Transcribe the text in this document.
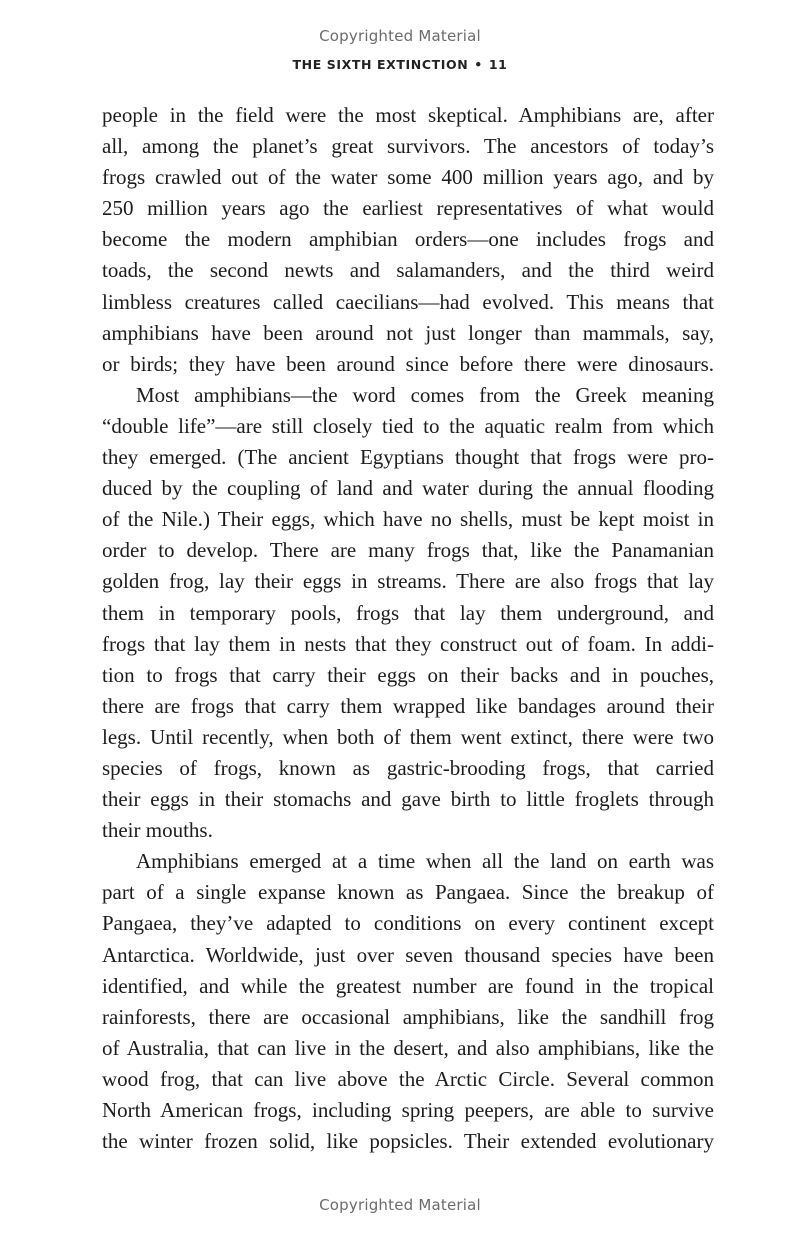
Copyrighted Material
THE SIXTH EXTINCTION • 11
people in the field were the most skeptical. Amphibians are, after
all, among the planet’s great survivors. The ancestors of today’s
frogs crawled out of the water some 400 million years ago, and by
250 million years ago the earliest representatives of what would
become the modern amphibian orders—one includes frogs and
toads, the second newts and salamanders, and the third weird
limbless creatures called caecilians—had evolved. This means that
amphibians have been around not just longer than mammals, say,
or birds; they have been around since before there were dinosaurs.
Most amphibians—the word comes from the Greek meaning
“double life”—are still closely tied to the aquatic realm from which
they emerged. (The ancient Egyptians thought that frogs were pro-
duced by the coupling of land and water during the annual flooding
of the Nile.) Their eggs, which have no shells, must be kept moist in
order to develop. There are many frogs that, like the Panamanian
golden frog, lay their eggs in streams. There are also frogs that lay
them in temporary pools, frogs that lay them underground, and
frogs that lay them in nests that they construct out of foam. In addi-
tion to frogs that carry their eggs on their backs and in pouches,
there are frogs that carry them wrapped like bandages around their
legs. Until recently, when both of them went extinct, there were two
species of frogs, known as gastric-brooding frogs, that carried
their eggs in their stomachs and gave birth to little froglets through
their mouths.
Amphibians emerged at a time when all the land on earth was
part of a single expanse known as Pangaea. Since the breakup of
Pangaea, they’ve adapted to conditions on every continent except
Antarctica. Worldwide, just over seven thousand species have been
identified, and while the greatest number are found in the tropical
rainforests, there are occasional amphibians, like the sandhill frog
of Australia, that can live in the desert, and also amphibians, like the
wood frog, that can live above the Arctic Circle. Several common
North American frogs, including spring peepers, are able to survive
the winter frozen solid, like popsicles. Their extended evolutionary
Copyrighted Material
